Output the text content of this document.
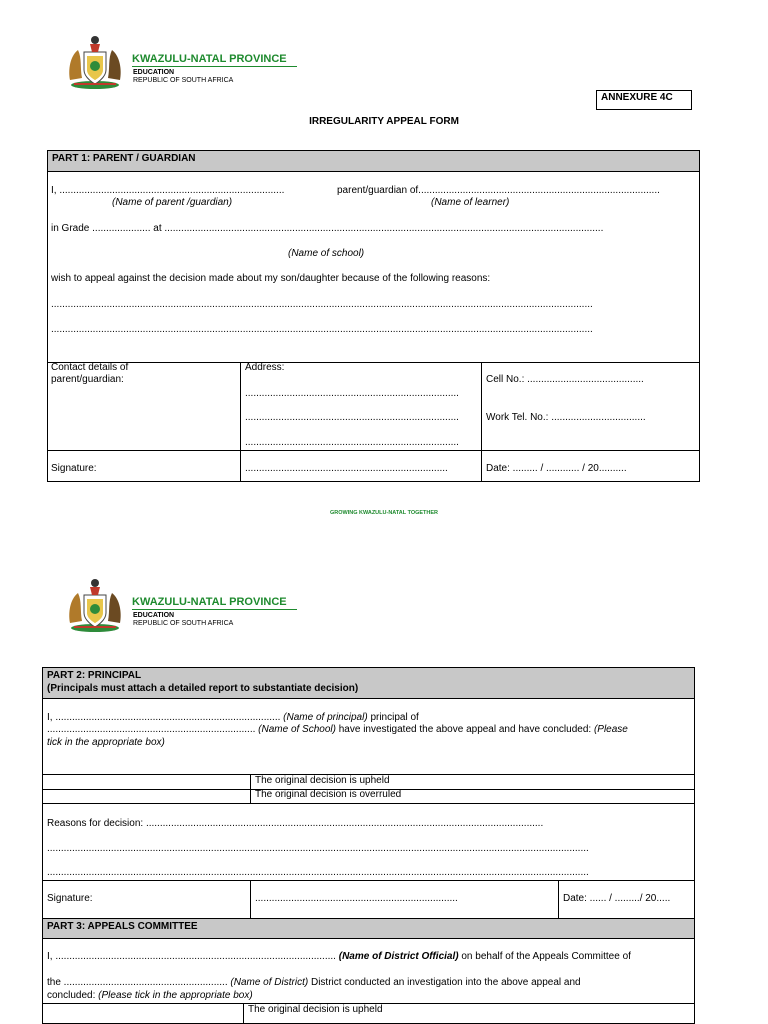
KWAZULU-NATAL PROVINCE
EDUCATION
REPUBLIC OF SOUTH AFRICA
ANNEXURE 4C
IRREGULARITY APPEAL FORM
PART 1: PARENT / GUARDIAN
I, .................................................................................	parent/guardian of.......................................................................................
(Name of parent /guardian)	(Name of learner)
in Grade ..................... at ..............................................................................................................................................................
(Name of school)
wish to appeal against the decision made about my son/daughter because of the following reasons:
...................................................................................................................................................................................................
...................................................................................................................................................................................................
Contact details of parent/guardian:
Address:
.............................................................................
.............................................................................
.............................................................................
Cell No.: ..........................................
Work Tel. No.: ..................................
Signature:	.........................................................................	Date: ......... / ............ / 20..........
GROWING KWAZULU-NATAL TOGETHER
KWAZULU-NATAL PROVINCE
EDUCATION
REPUBLIC OF SOUTH AFRICA
PART 2: PRINCIPAL
(Principals must attach a detailed report to substantiate decision)
I, ................................................................................. (Name of principal) principal of
........................................................................... (Name of School) have investigated the above appeal and have concluded: (Please
tick in the appropriate box)
The original decision is upheld
The original decision is overruled
Reasons for decision: ...............................................................................................................................................
...................................................................................................................................................................................................
...................................................................................................................................................................................................
Signature:	.........................................................................	Date: ...... / ........./ 20.....
PART 3: APPEALS COMMITTEE
I, ..................................................................................................... (Name of District Official) on behalf of the Appeals Committee of
the ........................................................... (Name of District) District conducted an investigation into the above appeal and
concluded: (Please tick in the appropriate box)
The original decision is upheld
